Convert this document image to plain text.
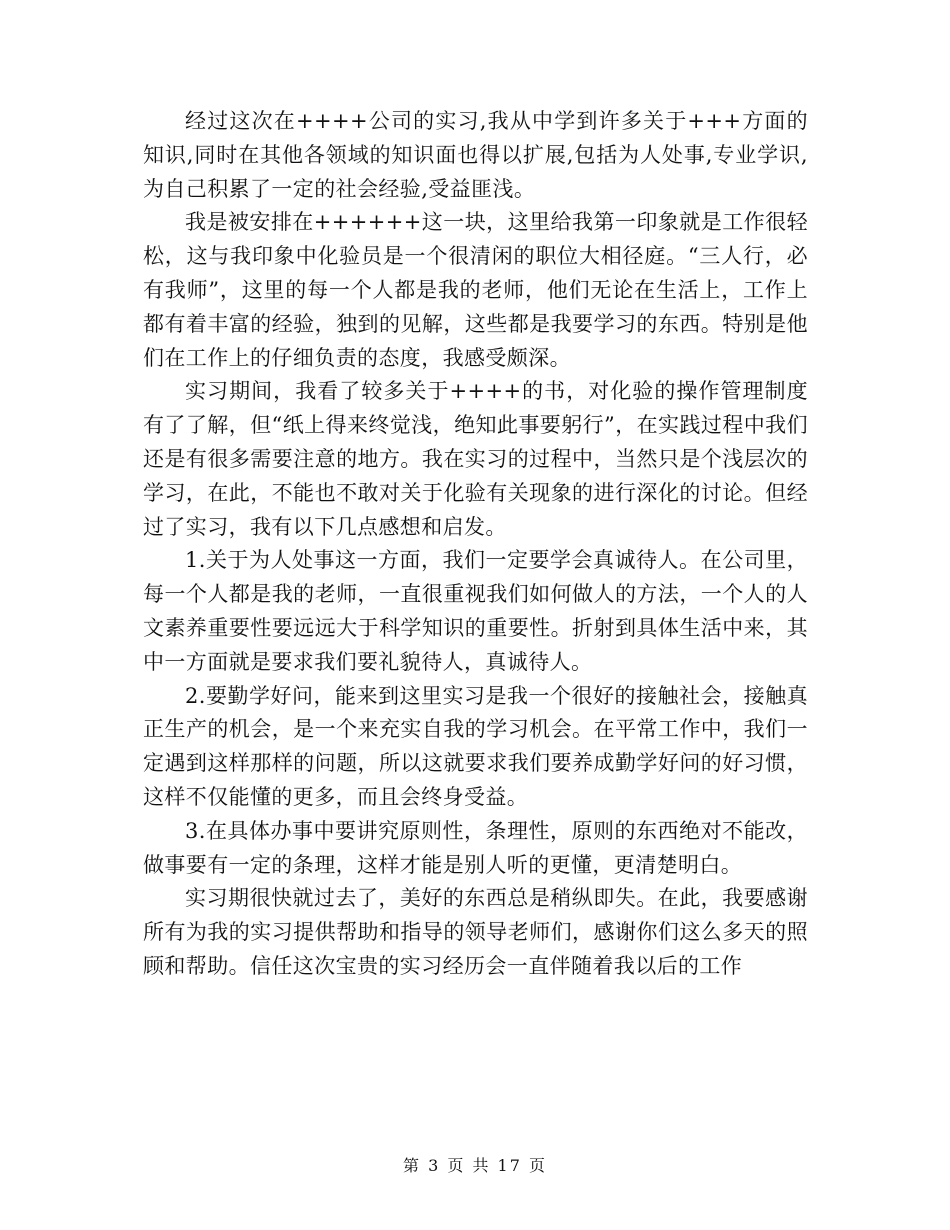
经过这次在++++公司的实习,我从中学到许多关于+++方面的知识,同时在其他各领域的知识面也得以扩展,包括为人处事,专业学识,为自己积累了一定的社会经验,受益匪浅。

我是被安排在++++++这一块，这里给我第一印象就是工作很轻松，这与我印象中化验员是一个很清闲的职位大相径庭。“三人行，必有我师”，这里的每一个人都是我的老师，他们无论在生活上，工作上都有着丰富的经验，独到的见解，这些都是我要学习的东西。特别是他们在工作上的仔细负责的态度，我感受颇深。

实习期间，我看了较多关于++++的书，对化验的操作管理制度有了了解，但“纸上得来终觉浅，绝知此事要躬行”，在实践过程中我们还是有很多需要注意的地方。我在实习的过程中，当然只是个浅层次的学习，在此，不能也不敢对关于化验有关现象的进行深化的讨论。但经过了实习，我有以下几点感想和启发。

1.关于为人处事这一方面，我们一定要学会真诚待人。在公司里，每一个人都是我的老师，一直很重视我们如何做人的方法，一个人的人文素养重要性要远远大于科学知识的重要性。折射到具体生活中来，其中一方面就是要求我们要礼貌待人，真诚待人。

2.要勤学好问，能来到这里实习是我一个很好的接触社会，接触真正生产的机会，是一个来充实自我的学习机会。在平常工作中，我们一定遇到这样那样的问题，所以这就要求我们要养成勤学好问的好习惯，这样不仅能懂的更多，而且会终身受益。

3.在具体办事中要讲究原则性，条理性，原则的东西绝对不能改，做事要有一定的条理，这样才能是别人听的更懂，更清楚明白。

实习期很快就过去了，美好的东西总是稍纵即失。在此，我要感谢所有为我的实习提供帮助和指导的领导老师们，感谢你们这么多天的照顾和帮助。信任这次宝贵的实习经历会一直伴随着我以后的工作

第 3 页 共 17 页
